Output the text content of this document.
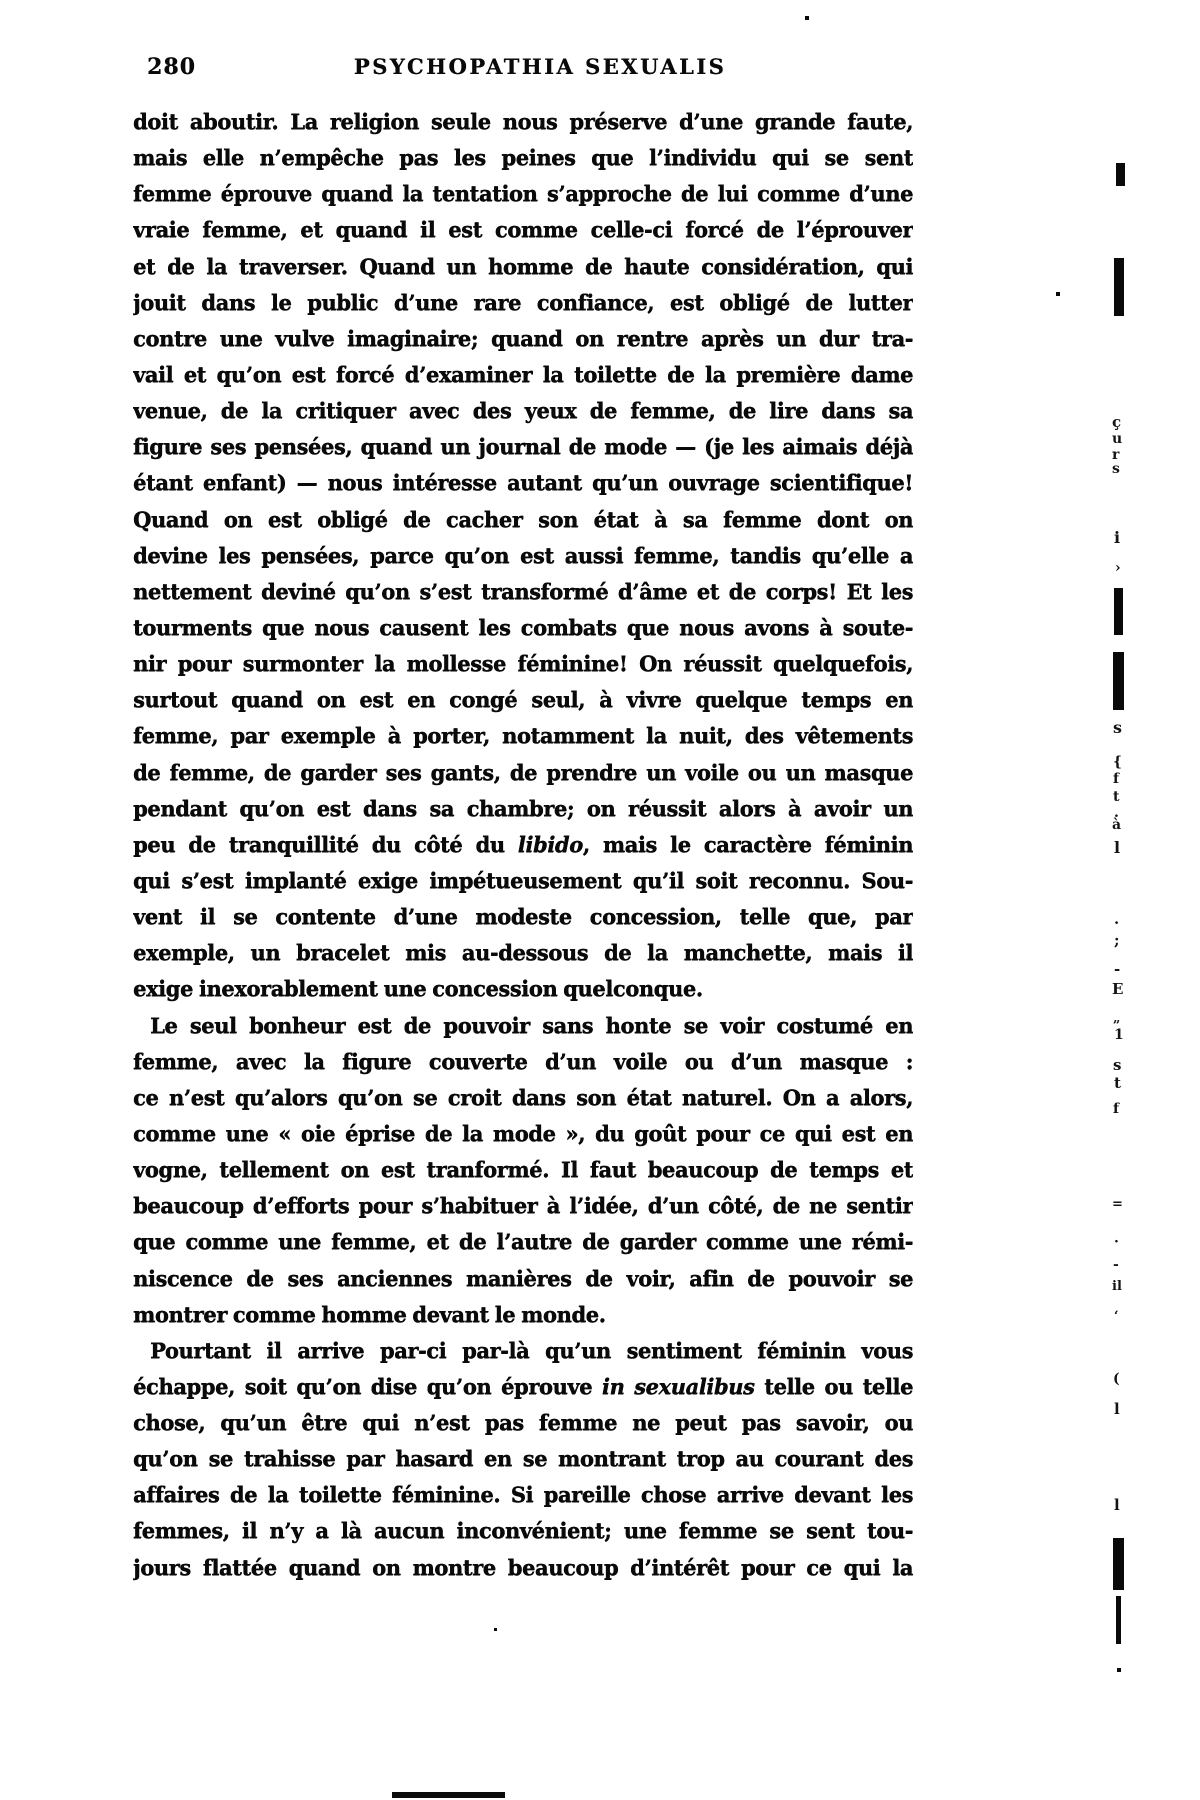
280	PSYCHOPATHIA SEXUALIS
doit aboutir. La religion seule nous préserve d’une grande faute,
mais elle n’empêche pas les peines que l’individu qui se sent
femme éprouve quand la tentation s’approche de lui comme d’une
vraie femme, et quand il est comme celle-ci forcé de l’éprouver
et de la traverser. Quand un homme de haute considération, qui
jouit dans le public d’une rare confiance, est obligé de lutter
contre une vulve imaginaire; quand on rentre après un dur tra-
vail et qu’on est forcé d’examiner la toilette de la première dame
venue, de la critiquer avec des yeux de femme, de lire dans sa
figure ses pensées, quand un journal de mode — (je les aimais déjà
étant enfant) — nous intéresse autant qu’un ouvrage scientifique!
Quand on est obligé de cacher son état à sa femme dont on
devine les pensées, parce qu’on est aussi femme, tandis qu’elle a
nettement deviné qu’on s’est transformé d’âme et de corps! Et les
tourments que nous causent les combats que nous avons à soute-
nir pour surmonter la mollesse féminine! On réussit quelquefois,
surtout quand on est en congé seul, à vivre quelque temps en
femme, par exemple à porter, notamment la nuit, des vêtements
de femme, de garder ses gants, de prendre un voile ou un masque
pendant qu’on est dans sa chambre; on réussit alors à avoir un
peu de tranquillité du côté du libido, mais le caractère féminin
qui s’est implanté exige impétueusement qu’il soit reconnu. Sou-
vent il se contente d’une modeste concession, telle que, par
exemple, un bracelet mis au-dessous de la manchette, mais il
exige inexorablement une concession quelconque.
Le seul bonheur est de pouvoir sans honte se voir costumé en
femme, avec la figure couverte d’un voile ou d’un masque :
ce n’est qu’alors qu’on se croit dans son état naturel. On a alors,
comme une « oie éprise de la mode », du goût pour ce qui est en
vogne, tellement on est tranformé. Il faut beaucoup de temps et
beaucoup d’efforts pour s’habituer à l’idée, d’un côté, de ne sentir
que comme une femme, et de l’autre de garder comme une rémi-
niscence de ses anciennes manières de voir, afin de pouvoir se
montrer comme homme devant le monde.
Pourtant il arrive par-ci par-là qu’un sentiment féminin vous
échappe, soit qu’on dise qu’on éprouve in sexualibus telle ou telle
chose, qu’un être qui n’est pas femme ne peut pas savoir, ou
qu’on se trahisse par hasard en se montrant trop au courant des
affaires de la toilette féminine. Si pareille chose arrive devant les
femmes, il n’y a là aucun inconvénient; une femme se sent tou-
jours flattée quand on montre beaucoup d’intérêt pour ce qui la
ç
u
r
s
i
›
s
{
f
t
.
à
l
.
;
-
E
„
1
s
t
f
=
·
-
il
‘
(
l
l
